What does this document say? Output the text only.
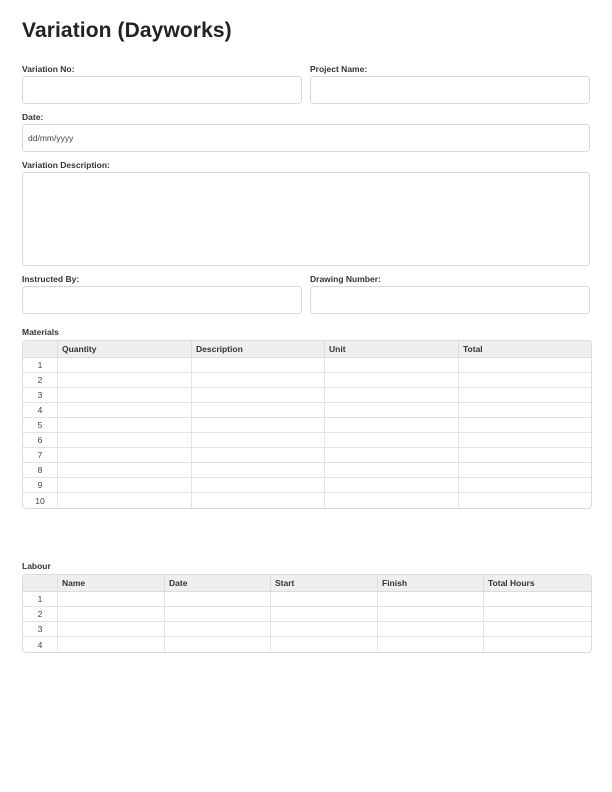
Variation (Dayworks)
Variation No:	Project Name:
Date:
dd/mm/yyyy
Variation Description:
Instructed By:	Drawing Number:
Materials
	Quantity	Description	Unit	Total
1				
2				
3				
4				
5				
6				
7				
8				
9				
10				
Labour
	Name	Date	Start	Finish	Total Hours
1					
2					
3					
4					
